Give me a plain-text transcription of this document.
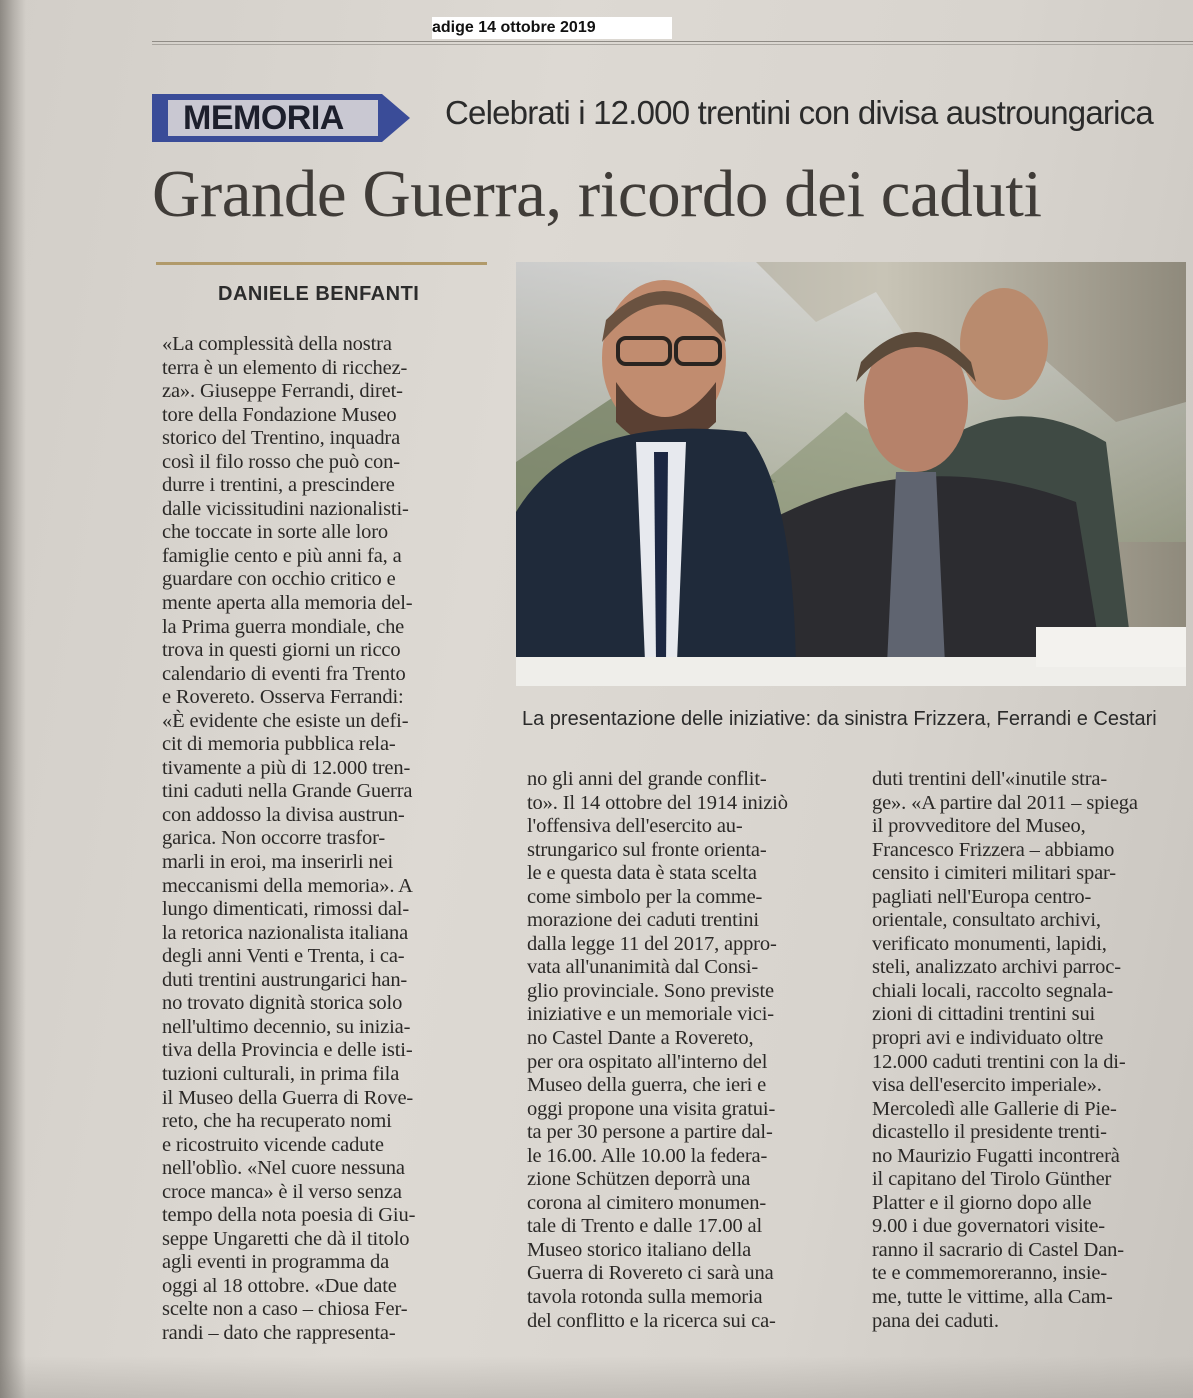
adige 14 ottobre 2019
MEMORIA	Celebrati i 12.000 trentini con divisa austroungarica
Grande Guerra, ricordo dei caduti
DANIELE BENFANTI
La presentazione delle iniziative: da sinistra Frizzera, Ferrandi e Cestari

«La complessità della nostra

terra è un elemento di ricchez-

za». Giuseppe Ferrandi, diret-

tore della Fondazione Museo

storico del Trentino, inquadra

così il filo rosso che può con-

durre i trentini, a prescindere

dalle vicissitudini nazionalisti-

che toccate in sorte alle loro

famiglie cento e più anni fa, a

guardare con occhio critico e

mente aperta alla memoria del-

la Prima guerra mondiale, che

trova in questi giorni un ricco

calendario di eventi fra Trento

e Rovereto. Osserva Ferrandi:

«È evidente che esiste un defi-

cit di memoria pubblica rela-

tivamente a più di 12.000 tren-

tini caduti nella Grande Guerra

con addosso la divisa austrun-

garica. Non occorre trasfor-

marli in eroi, ma inserirli nei

meccanismi della memoria». A

lungo dimenticati, rimossi dal-

la retorica nazionalista italiana

degli anni Venti e Trenta, i ca-

duti trentini austrungarici han-

no trovato dignità storica solo

nell'ultimo decennio, su inizia-

tiva della Provincia e delle isti-

tuzioni culturali, in prima fila

il Museo della Guerra di Rove-

reto, che ha recuperato nomi

e ricostruito vicende cadute

nell'oblìo. «Nel cuore nessuna

croce manca» è il verso senza

tempo della nota poesia di Giu-

seppe Ungaretti che dà il titolo

agli eventi in programma da

oggi al 18 ottobre. «Due date

scelte non a caso – chiosa Fer-

randi – dato che rappresenta-

no gli anni del grande conflit-

to». Il 14 ottobre del 1914 iniziò

l'offensiva dell'esercito au-

strungarico sul fronte orienta-

le e questa data è stata scelta

come simbolo per la comme-

morazione dei caduti trentini

dalla legge 11 del 2017, appro-

vata all'unanimità dal Consi-

glio provinciale. Sono previste

iniziative e un memoriale vici-

no Castel Dante a Rovereto,

per ora ospitato all'interno del

Museo della guerra, che ieri e

oggi propone una visita gratui-

ta per 30 persone a partire dal-

le 16.00. Alle 10.00 la federa-

zione Schützen deporrà una

corona al cimitero monumen-

tale di Trento e dalle 17.00 al

Museo storico italiano della

Guerra di Rovereto ci sarà una

tavola rotonda sulla memoria

del conflitto e la ricerca sui ca-

duti trentini dell'«inutile stra-

ge». «A partire dal 2011 – spiega

il provveditore del Museo,

Francesco Frizzera – abbiamo

censito i cimiteri militari spar-

pagliati nell'Europa centro-

orientale, consultato archivi,

verificato monumenti, lapidi,

steli, analizzato archivi parroc-

chiali locali, raccolto segnala-

zioni di cittadini trentini sui

propri avi e individuato oltre

12.000 caduti trentini con la di-

visa dell'esercito imperiale».

Mercoledì alle Gallerie di Pie-

dicastello il presidente trenti-

no Maurizio Fugatti incontrerà

il capitano del Tirolo Günther

Platter e il giorno dopo alle

9.00 i due governatori visite-

ranno il sacrario di Castel Dan-

te e commemoreranno, insie-

me, tutte le vittime, alla Cam-

pana dei caduti.
